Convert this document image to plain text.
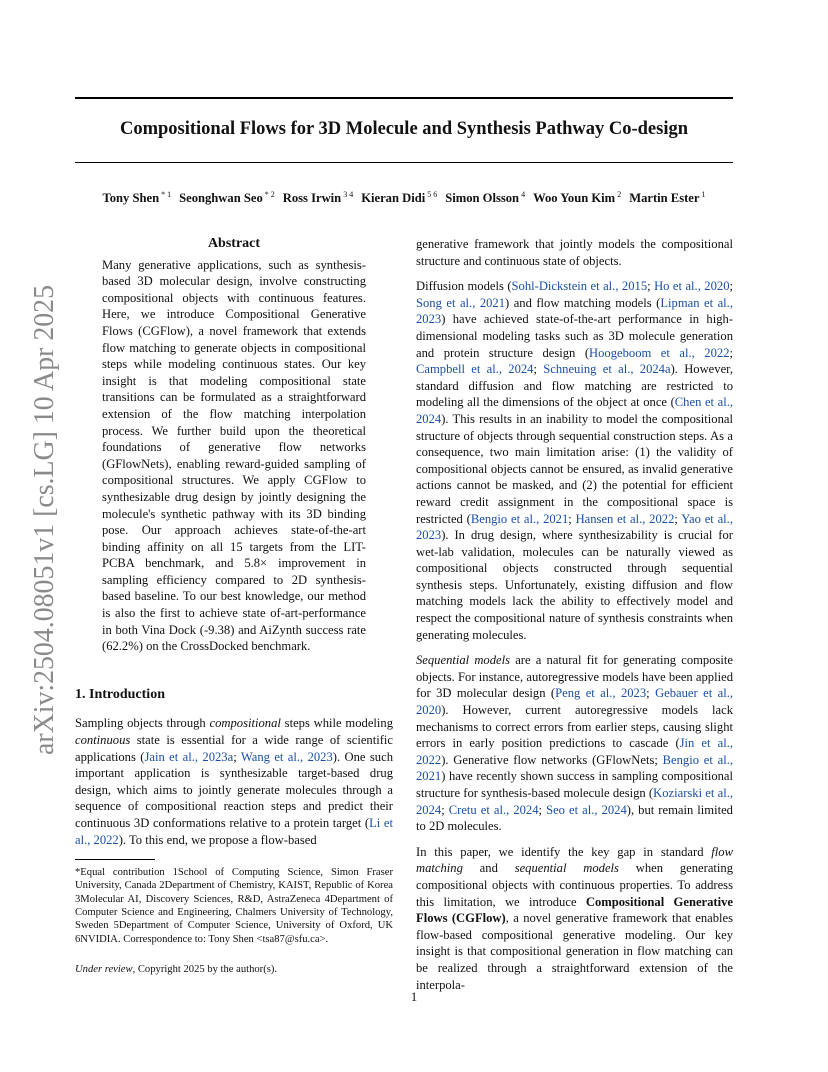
Compositional Flows for 3D Molecule and Synthesis Pathway Co-design
Tony Shen $^{* 1}$ Seonghwan Seo $^{* 2}$ Ross Irwin $^{3 4}$ Kieran Didi $^{5 6}$ Simon Olsson $^4$ Woo Youn Kim $^2$ Martin Ester $^1$
arXiv:2504.08051v1 [cs.LG] 10 Apr 2025
Abstract
Many generative applications, such as synthesis-based 3D molecular design, involve constructing compositional objects with continuous features. Here, we introduce Compositional Generative Flows (CGFlow), a novel framework that extends flow matching to generate objects in compositional steps while modeling continuous states. Our key insight is that modeling compositional state transitions can be formulated as a straightforward extension of the flow matching interpolation process. We further build upon the theoretical foundations of generative flow networks (GFlowNets), enabling reward-guided sampling of compositional structures. We apply CGFlow to synthesizable drug design by jointly designing the molecule's synthetic pathway with its 3D binding pose. Our approach achieves state-of-the-art binding affinity on all 15 targets from the LIT-PCBA benchmark, and 5.8× improvement in sampling efficiency compared to 2D synthesis-based baseline. To our best knowledge, our method is also the first to achieve state of-art-performance in both Vina Dock (-9.38) and AiZynth success rate (62.2%) on the CrossDocked benchmark.
1. Introduction

Sampling objects through compositional steps while modeling continuous state is essential for a wide range of scientific applications (Jain et al., 2023a; Wang et al., 2023). One such important application is synthesizable target-based drug design, which aims to jointly generate molecules through a sequence of compositional reaction steps and predict their continuous 3D conformations relative to a protein target (Li et al., 2022). To this end, we propose a flow-based

*Equal contribution 1School of Computing Science, Simon Fraser University, Canada 2Department of Chemistry, KAIST, Republic of Korea 3Molecular AI, Discovery Sciences, R&D, AstraZeneca 4Department of Computer Science and Engineering, Chalmers University of Technology, Sweden 5Department of Computer Science, University of Oxford, UK 6NVIDIA. Correspondence to: Tony Shen <tsa87@sfu.ca>.
Under review, Copyright 2025 by the author(s).

generative framework that jointly models the compositional structure and continuous state of objects.

Diffusion models (Sohl-Dickstein et al., 2015; Ho et al., 2020; Song et al., 2021) and flow matching models (Lipman et al., 2023) have achieved state-of-the-art performance in high-dimensional modeling tasks such as 3D molecule generation and protein structure design (Hoogeboom et al., 2022; Campbell et al., 2024; Schneuing et al., 2024a). However, standard diffusion and flow matching are restricted to modeling all the dimensions of the object at once (Chen et al., 2024). This results in an inability to model the compositional structure of objects through sequential construction steps. As a consequence, two main limitation arise: (1) the validity of compositional objects cannot be ensured, as invalid generative actions cannot be masked, and (2) the potential for efficient reward credit assignment in the compositional space is restricted (Bengio et al., 2021; Hansen et al., 2022; Yao et al., 2023). In drug design, where synthesizability is crucial for wet-lab validation, molecules can be naturally viewed as compositional objects constructed through sequential synthesis steps. Unfortunately, existing diffusion and flow matching models lack the ability to effectively model and respect the compositional nature of synthesis constraints when generating molecules.

Sequential models are a natural fit for generating composite objects. For instance, autoregressive models have been applied for 3D molecular design (Peng et al., 2023; Gebauer et al., 2020). However, current autoregressive models lack mechanisms to correct errors from earlier steps, causing slight errors in early position predictions to cascade (Jin et al., 2022). Generative flow networks (GFlowNets; Bengio et al., 2021) have recently shown success in sampling compositional structure for synthesis-based molecule design (Koziarski et al., 2024; Cretu et al., 2024; Seo et al., 2024), but remain limited to 2D molecules.

In this paper, we identify the key gap in standard flow matching and sequential models when generating compositional objects with continuous properties. To address this limitation, we introduce Compositional Generative Flows (CGFlow), a novel generative framework that enables flow-based compositional generative modeling. Our key insight is that compositional generation in flow matching can be realized through a straightforward extension of the interpola-

1
